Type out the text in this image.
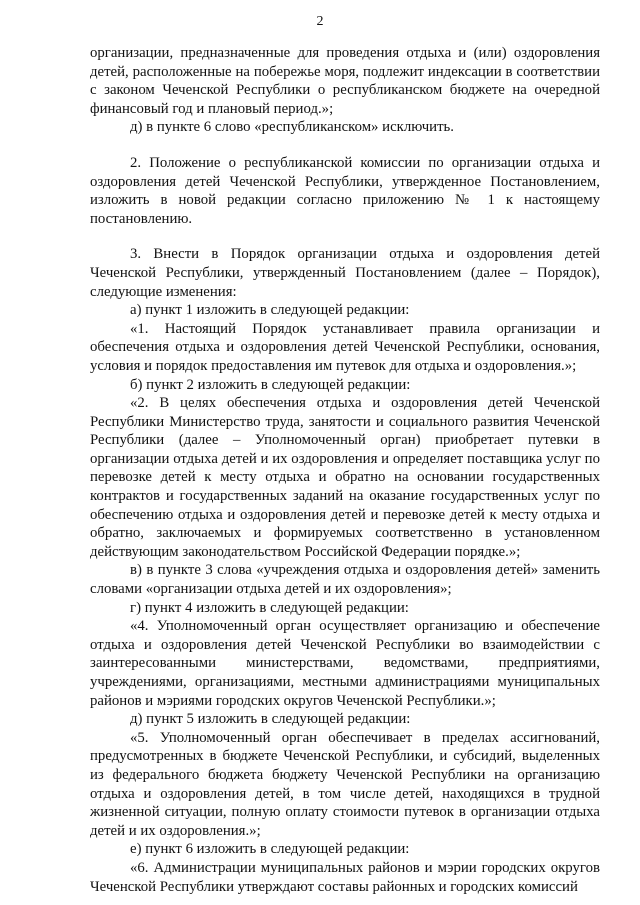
2

организации, предназначенные для проведения отдыха и (или) оздоровления детей, расположенные на побережье моря, подлежит индексации в соответствии с законом Чеченской Республики о республиканском бюджете на очередной финансовый год и плановый период.»;

д) в пункте 6 слово «республиканском» исключить.

2. Положение о республиканской комиссии по организации отдыха и оздоровления детей Чеченской Республики, утвержденное Постановлением, изложить в новой редакции согласно приложению № 1 к настоящему постановлению.

3. Внести в Порядок организации отдыха и оздоровления детей Чеченской Республики, утвержденный Постановлением (далее – Порядок), следующие изменения:

а) пункт 1 изложить в следующей редакции:

«1. Настоящий Порядок устанавливает правила организации и обеспечения отдыха и оздоровления детей Чеченской Республики, основания, условия и порядок предоставления им путевок для отдыха и оздоровления.»;

б) пункт 2 изложить в следующей редакции:

«2. В целях обеспечения отдыха и оздоровления детей Чеченской Республики Министерство труда, занятости и социального развития Чеченской Республики (далее – Уполномоченный орган) приобретает путевки в организации отдыха детей и их оздоровления и определяет поставщика услуг по перевозке детей к месту отдыха и обратно на основании государственных контрактов и государственных заданий на оказание государственных услуг по обеспечению отдыха и оздоровления детей и перевозке детей к месту отдыха и обратно, заключаемых и формируемых соответственно в установленном действующим законодательством Российской Федерации порядке.»;

в) в пункте 3 слова «учреждения отдыха и оздоровления детей» заменить словами «организации отдыха детей и их оздоровления»;

г) пункт 4 изложить в следующей редакции:

«4. Уполномоченный орган осуществляет организацию и обеспечение отдыха и оздоровления детей Чеченской Республики во взаимодействии с заинтересованными министерствами, ведомствами, предприятиями, учреждениями, организациями, местными администрациями муниципальных районов и мэриями городских округов Чеченской Республики.»;

д) пункт 5 изложить в следующей редакции:

«5. Уполномоченный орган обеспечивает в пределах ассигнований, предусмотренных в бюджете Чеченской Республики, и субсидий, выделенных из федерального бюджета бюджету Чеченской Республики на организацию отдыха и оздоровления детей, в том числе детей, находящихся в трудной жизненной ситуации, полную оплату стоимости путевок в организации отдыха детей и их оздоровления.»;

е) пункт 6 изложить в следующей редакции:

«6. Администрации муниципальных районов и мэрии городских округов Чеченской Республики утверждают составы районных и городских комиссий
